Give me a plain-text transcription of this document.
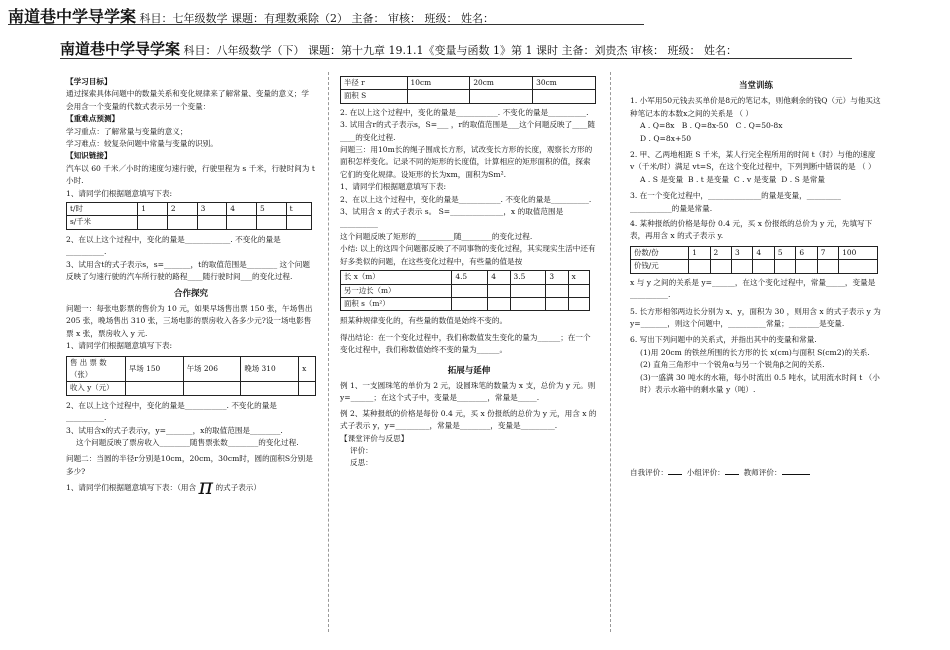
南道巷中学导学案 科目：七年级数学 课题：有理数乘除（2） 主备： 审核： 班级： 姓名：
南道巷中学导学案 科目：八年级数学（下） 课题：第十九章 19.1.1《变量与函数 1》第 1 课时 主备：刘贵杰 审核： 班级： 姓名：

【学习目标】

通过探索具体问题中的数量关系和变化规律来了解常量、变量的意义；学会用含一个变量的代数式表示另一个变量：

【重难点预测】

学习重点：了解常量与变量的意义；

学习难点：较复杂问题中常量与变量的识别。

【知识链接】

汽车以 60 千米／小时的速度匀速行驶，行驶里程为 s 千米，行驶时间为 t 小时.

1、请同学们根据题意填写下表:

t/时	1	2	3	4	5	t
s/千米						

2、在以上这个过程中，变化的量是____________. 不变化的量是__________.

3、试用含t的式子表示s，s=_______，t的取值范围是________ 这个问题反映了匀速行驶的汽车所行驶的路程____随行驶时间___的变化过程.

合作探究

问题一：每张电影票的售价为 10 元，如果早场售出票 150 张，午场售出 205 张，晚场售出 310 张，三场电影的票房收入各多少元?设一场电影售票 x 张，票房收入 y 元.

1、请同学们根据题意填写下表:

售 出 票 数（张）	早场 150	午场 206	晚场 310	x
收入 y（元）				

2、在以上这个过程中，变化的量是___________. 不变化的量是__________.

3、试用含x的式子表示y，y=_______，x的取值范围是________.

这个问题反映了票房收入________随售票张数________的变化过程.

问题二：当圆的半径r分别是10cm，20cm，30cm时，圆的面积S分别是多少?

1、请同学们根据题意填写下表：（用含 π 的式子表示）

半径 r	10cm	20cm	30cm
面积 S			

2. 在以上这个过程中，变化的量是___________. 不变化的量是__________.

3. 试用含r的式子表示s，S=___ ，r的取值范围是___这个问题反映了____随____的变化过程.

问题三：用10m长的绳子围成长方形，试改变长方形的长度，观察长方形的面积怎样变化。记录不同的矩形的长度值，计算相应的矩形面积的值，探索它们的变化规律。设矩形的长为xm，面积为Sm².

1、请同学们根据题意填写下表:

2、在以上这个过程中，变化的量是___________. 不变化的量是__________.

3、试用含 x 的式子表示 s。 S=______________，x 的取值范围是__________

这个问题反映了矩形的__________随________的变化过程.

小结: 以上的这四个问题都反映了不同事物的变化过程，其实现实生活中还有好多类似的问题，在这些变化过程中，有些量的值是按

长 x（m）	4.5	4	3.5	3	x
另一边长（m）					
面积 s（m²）					

照某种规律变化的，有些量的数值是始终不变的。

得出结论：在一个变化过程中，我们称数值发生变化的量为______；在一个变化过程中，我们称数值始终不变的量为______。

拓展与延伸

例 1、一支圆珠笔的单价为 2 元，设圆珠笔的数量为 x 支，总价为 y 元。则 y=______；在这个式子中，变量是________，常量是_____.

例 2、某种报纸的价格是每份 0.4 元，买 x 份报纸的总价为 y 元，用含 x 的式子表示 y，y=_________，常量是________，变量是_________.

【课堂评价与反思】

评价：

反思：

当堂训练

1. 小军用50元钱去买单价是8元的笔记本，则他剩余的钱Q（元）与他买这种笔记本的本数x之间的关系是 （ ）

A . Q=8x B . Q=8x-50 C . Q=50-8x

D . Q=8x+50

2. 甲、乙两地相距 S 千米，某人行完全程所用的时间 t（时）与他的速度 v（千米/时）满足 vt=S，在这个变化过程中，下列判断中错误的是 （ ）

A . S 是变量 B . t 是变量 C . v 是变量 D . S 是常量

3. 在一个变化过程中，______________的量是变量，_________ ___________的量是常量.

4. 某种报纸的价格是每份 0.4 元，买 x 份报纸的总价为 y 元，先填写下表，再用含 x 的式子表示 y.

份数/份	1	2	3	4	5	6	7	100
价钱/元								

x 与 y 之间的关系是 y=______，在这个变化过程中，常量_____，变量是__________.

5. 长方形相邻两边长分别为 x、y，面积为 30 ，则用含 x 的式子表示 y 为 y=_______，则这个问题中，__________常量；________是变量.

6. 写出下列问题中的关系式，并指出其中的变量和常量.

(1)用 20cm 的铁丝所围的长方形的长 x(cm)与面积 S(cm2)的关系.

(2) 直角三角形中一个锐角α与另一个锐角β之间的关系.

(3)一盛满 30 吨水的水箱，每小时流出 0.5 吨水，试用流水时间 t （小时）表示水箱中的剩水量 y（吨）.

自我评价： 小组评价： 教师评价：
